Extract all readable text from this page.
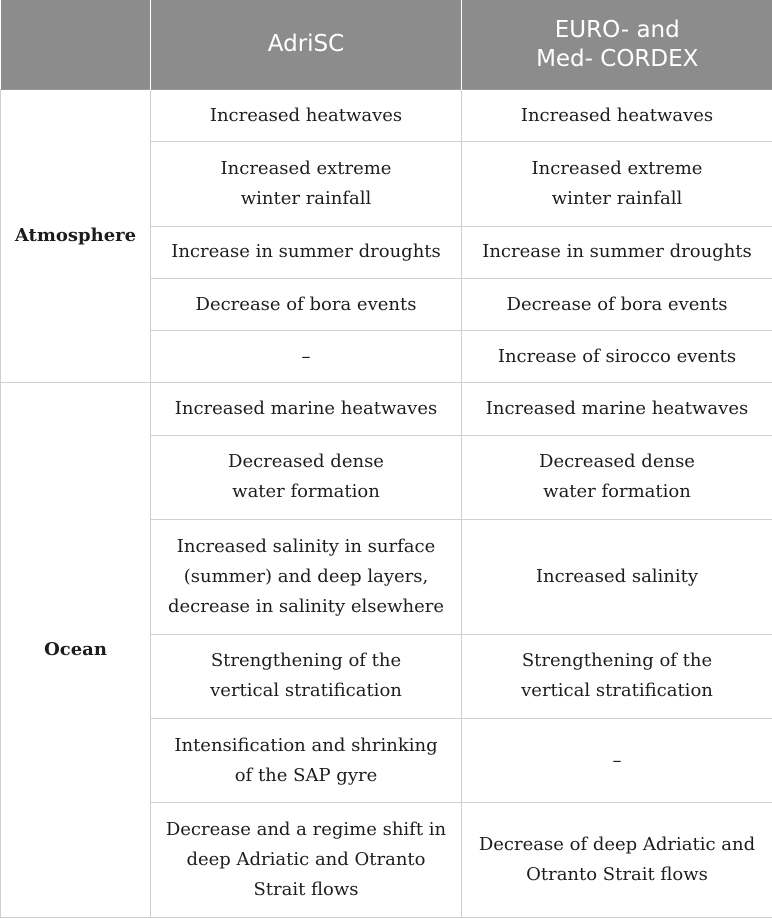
	AdriSC	EURO- and
Med- CORDEX

Atmosphere	Increased heatwaves	Increased heatwaves

	Increased extreme
winter rainfall	Increased extreme
winter rainfall

	Increase in summer droughts	Increase in summer droughts

	Decrease of bora events	Decrease of bora events

	–	Increase of sirocco events

Ocean	Increased marine heatwaves	Increased marine heatwaves

	Decreased dense
water formation	Decreased dense
water formation

	Increased salinity in surface
(summer) and deep layers,
decrease in salinity elsewhere	Increased salinity

	Strengthening of the
vertical stratification	Strengthening of the
vertical stratification

	Intensification and shrinking
of the SAP gyre	–

	Decrease and a regime shift in
deep Adriatic and Otranto
Strait flows	Decrease of deep Adriatic and
Otranto Strait flows
